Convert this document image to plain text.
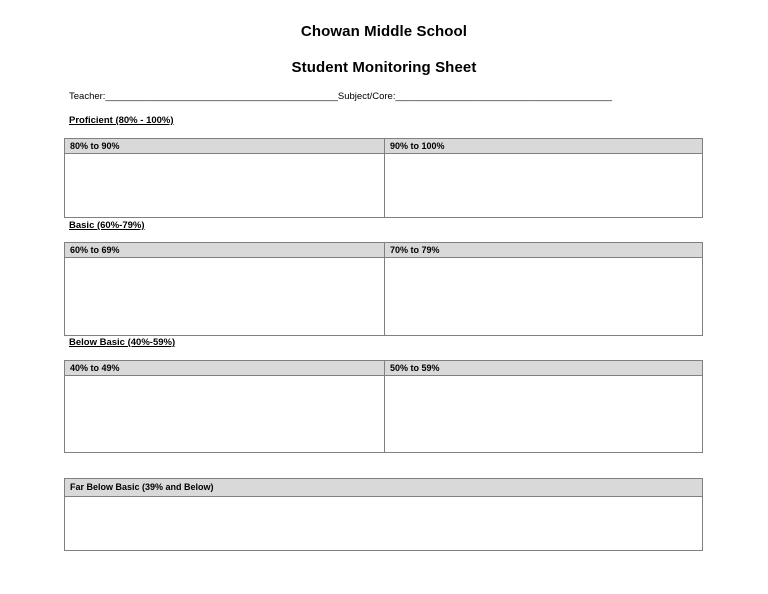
Chowan Middle School
Student Monitoring Sheet
Teacher:____________________________________________Subject/Core:_________________________________________
Proficient (80% - 100%)
80% to 90%	90% to 100%
Basic (60%-79%)
60% to 69%	70% to 79%
Below Basic (40%-59%)
40% to 49%	50% to 59%
Far Below Basic (39% and Below)
